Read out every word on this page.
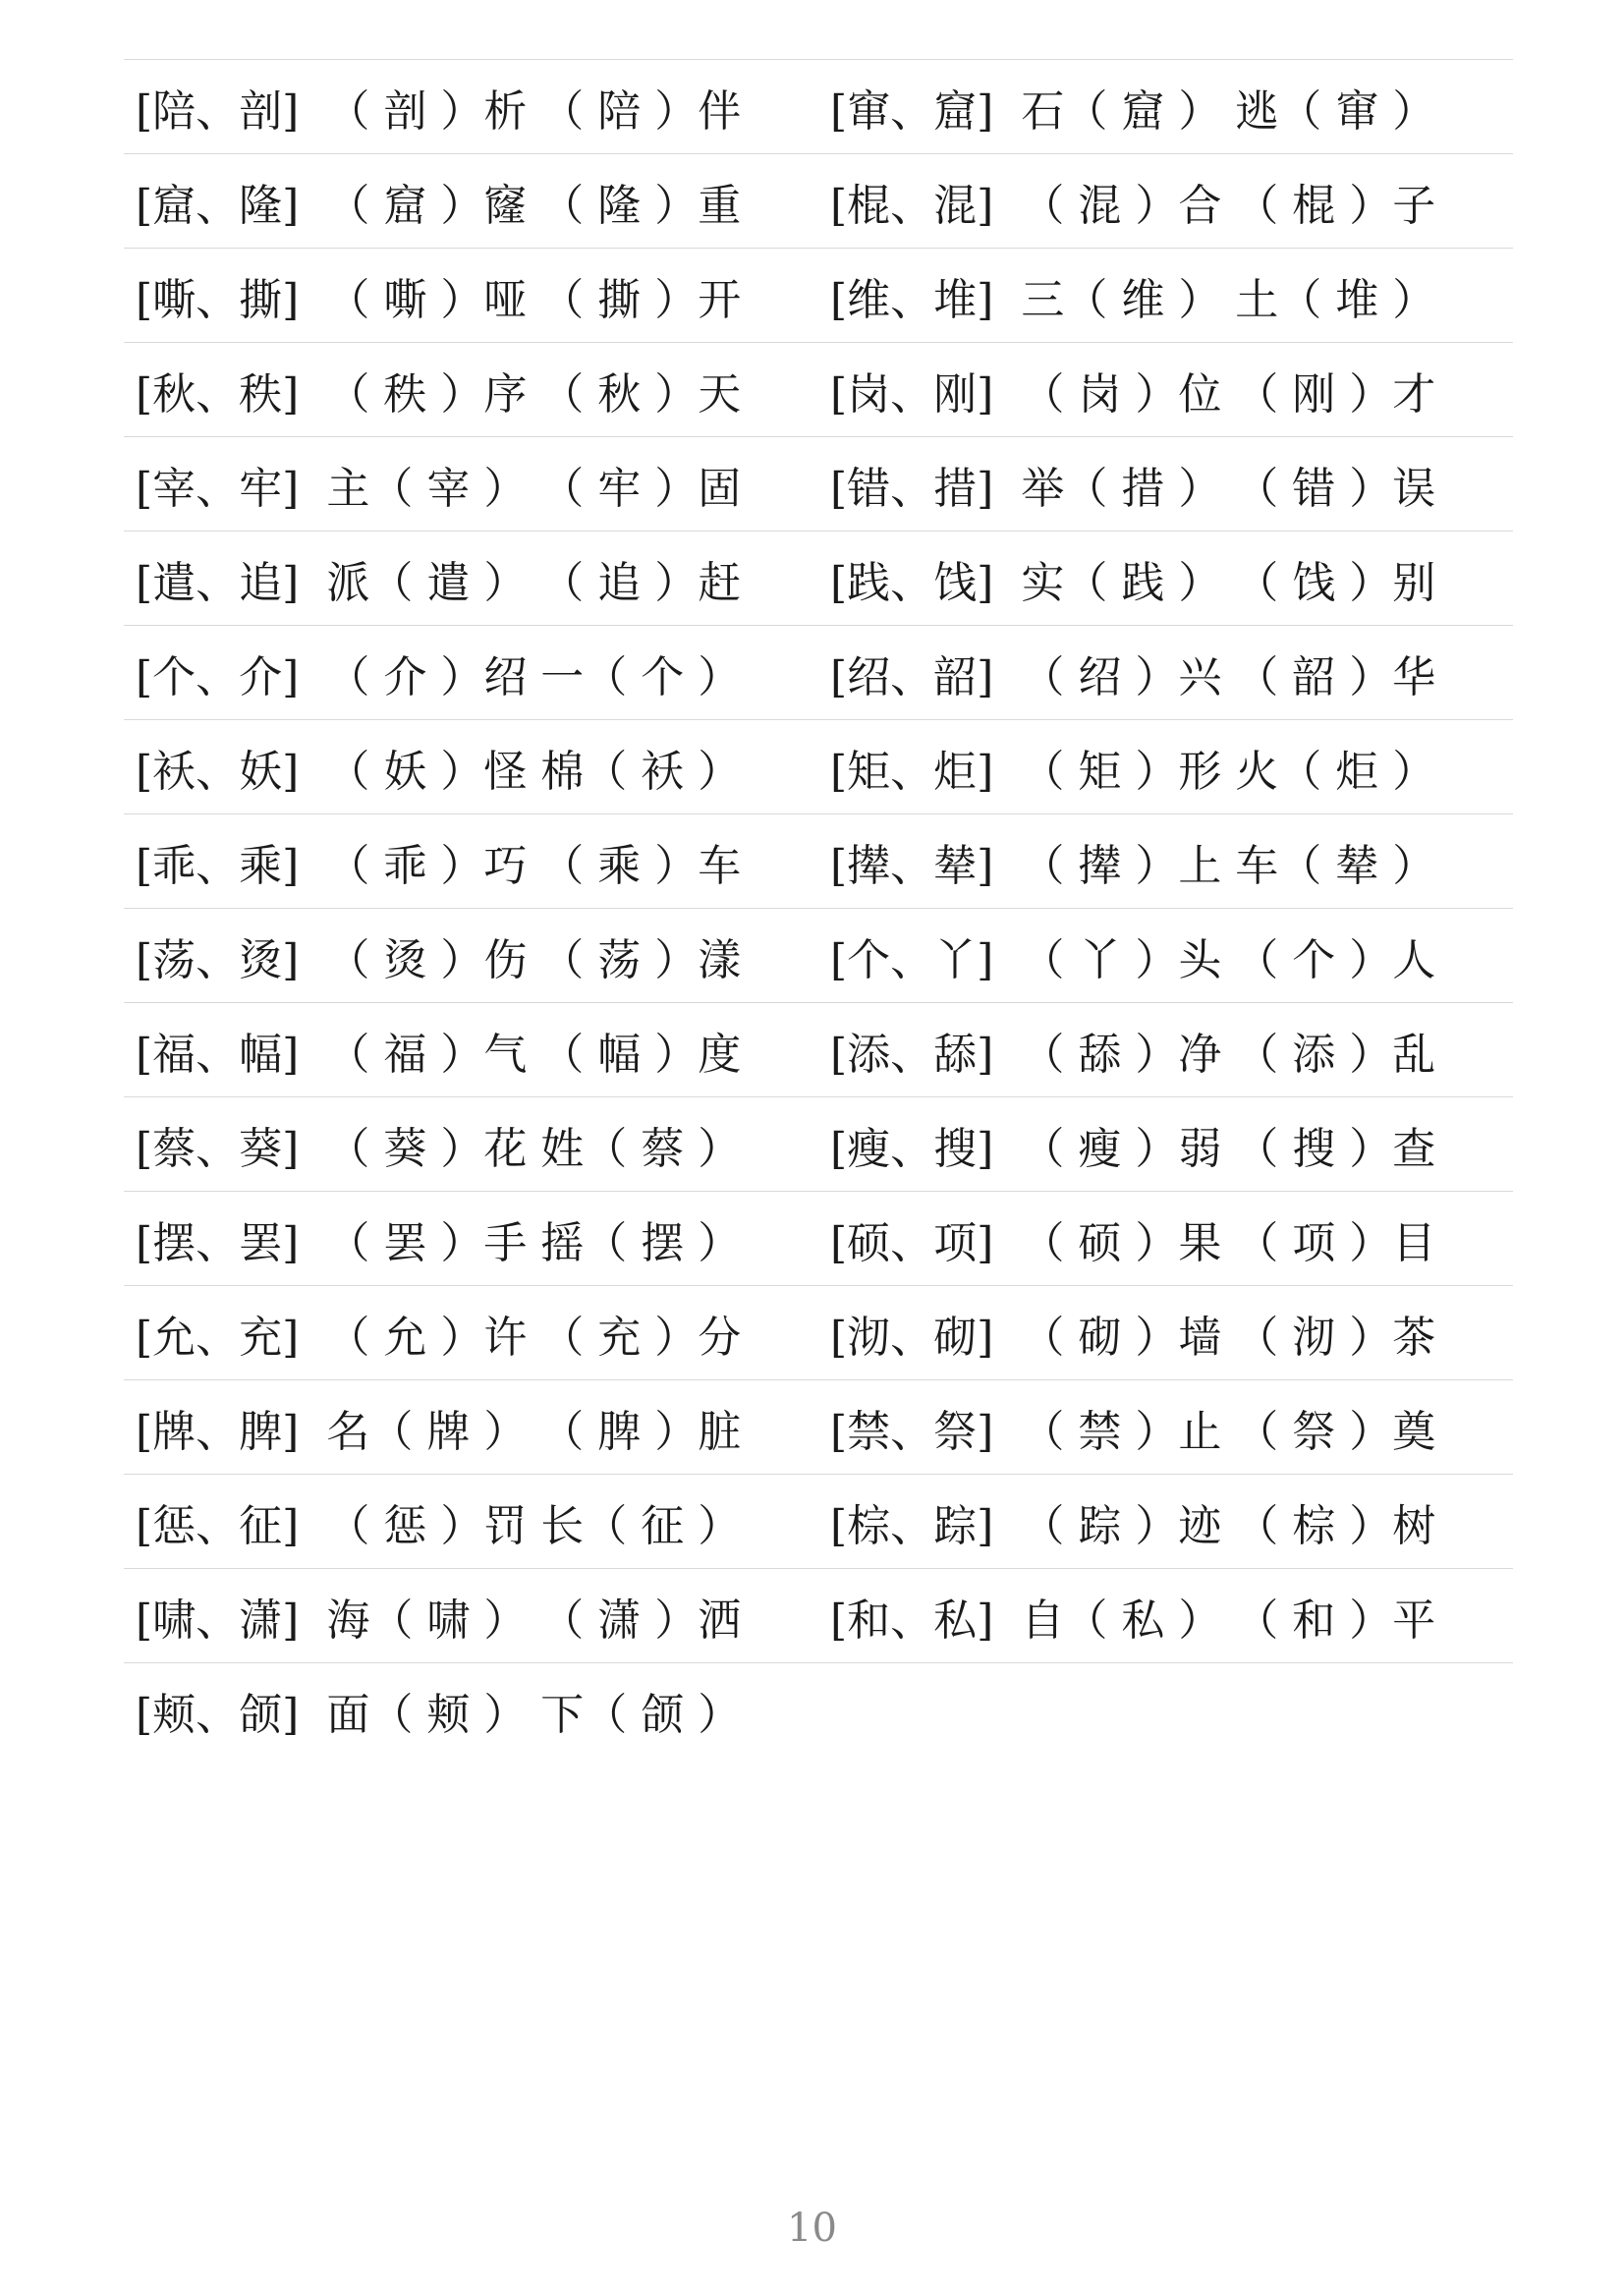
[陪、剖] （ 剖 ）析 （ 陪 ）伴 [窜、窟] 石（ 窟 ） 逃（ 窜 ）
[窟、隆] （ 窟 ）窿 （ 隆 ）重 [棍、混] （ 混 ）合 （ 棍 ）子
[嘶、撕] （ 嘶 ）哑 （ 撕 ）开 [维、堆] 三（ 维 ） 土（ 堆 ）
[秋、秩] （ 秩 ）序 （ 秋 ）天 [岗、刚] （ 岗 ）位 （ 刚 ）才
[宰、牢] 主（ 宰 ） （ 牢 ）固 [错、措] 举（ 措 ） （ 错 ）误
[遣、追] 派（ 遣 ） （ 追 ）赶 [践、饯] 实（ 践 ） （ 饯 ）别
[个、介] （ 介 ）绍 一（ 个 ） [绍、韶] （ 绍 ）兴 （ 韶 ）华
[袄、妖] （ 妖 ）怪 棉（ 袄 ） [矩、炬] （ 矩 ）形 火（ 炬 ）
[乖、乘] （ 乖 ）巧 （ 乘 ）车 [撵、辇] （ 撵 ）上 车（ 辇 ）
[荡、烫] （ 烫 ）伤 （ 荡 ）漾 [个、丫] （ 丫 ）头 （ 个 ）人
[福、幅] （ 福 ）气 （ 幅 ）度 [添、舔] （ 舔 ）净 （ 添 ）乱
[蔡、葵] （ 葵 ）花 姓（ 蔡 ） [瘦、搜] （ 瘦 ）弱 （ 搜 ）查
[摆、罢] （ 罢 ）手 摇（ 摆 ） [硕、项] （ 硕 ）果 （ 项 ）目
[允、充] （ 允 ）许 （ 充 ）分 [沏、砌] （ 砌 ）墙 （ 沏 ）茶
[牌、脾] 名（ 牌 ） （ 脾 ）脏 [禁、祭] （ 禁 ）止 （ 祭 ）奠
[惩、征] （ 惩 ）罚 长（ 征 ） [棕、踪] （ 踪 ）迹 （ 棕 ）树
[啸、潇] 海（ 啸 ） （ 潇 ）洒 [和、私] 自（ 私 ） （ 和 ）平
[颊、颌] 面（ 颊 ） 下（ 颌 ）
10
